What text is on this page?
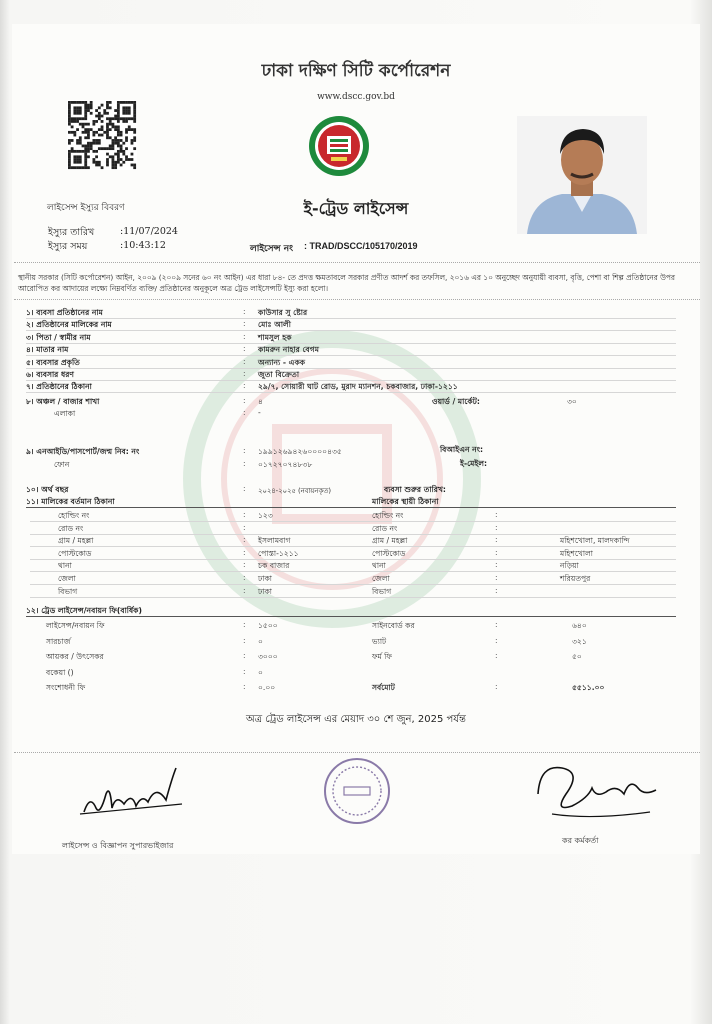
ঢাকা দক্ষিণ সিটি কর্পোরেশন
www.dscc.gov.bd
লাইসেন্স ইস্যুর বিবরণ	ই-ট্রেড লাইসেন্স
ইস্যুর তারিখ	:11/07/2024
ইস্যুর সময়	:10:43:12	লাইসেন্স নং : TRAD/DSCC/105170/2019
স্থানীয় সরকার (সিটি কর্পোরেশন) আইন, ২০০৯ (২০০৯ সনের ৬০ নং আইন) এর ধারা ৮৪- তে প্রদত্ত ক্ষমতাবলে সরকার প্রণীত আদর্শ কর তফসিল, ২০১৬ এর ১০ অনুচ্ছেদ অনুযায়ী ব্যবসা, বৃত্তি, পেশা বা শিল্প প্রতিষ্ঠানের উপর আরোপিত কর আদায়ের লক্ষ্যে নিম্নবর্ণিত ব্যক্তি/ প্রতিষ্ঠানের অনুকূলে অত্র ট্রেড লাইসেন্সটি ইস্যু করা হলো।
১। ব্যবসা প্রতিষ্ঠানের নাম	: কাউসার সু ষ্টোর
২। প্রতিষ্ঠানের মালিকের নাম	: মোঃ আলী
৩। পিতা / স্বামীর নাম	: শামসুল হক
৪। মাতার নাম	: কামরুন নাহার বেগম
৫। ব্যবসার প্রকৃতি	: অন্যান্য - একক
৬। ব্যবসার ধরণ	: জুতা বিক্রেতা
৭। প্রতিষ্ঠানের ঠিকানা	: ২৯/৭, সোয়ারী ঘাট রোড, মুরাদ ম্যানশন, চকবাজার, ঢাকা-১২১১
৮। অঞ্চল / বাজার শাখা	: ৪	ওয়ার্ড / মার্কেট:	৩০
এলাকা	: -
৯। এনআইডি/পাসপোর্ট/জন্ম নিব: নং	: ১৯৯১২৬৯৪২৬০০০০৪৩৫	বিআইএন নং:
ফোন	: ০১৭২৭০৭৪৮৩৮	ই-মেইল:
১০। অর্থ বছর	: ২০২৪-২০২৫ (নবায়নকৃত)	ব্যবসা শুরুর তারিখ:
১১। মালিকের বর্তমান ঠিকানা	মালিকের স্থায়ী ঠিকানা
হোল্ডিং নং	: ১২৩	হোল্ডিং নং	:
রোড নং	:	রোড নং	:
গ্রাম / মহল্লা	: ইসলামবাগ	গ্রাম / মহল্লা	:	মহিশখোলা, মালদকান্দি
পোস্টকোড	: পোস্তা-১২১১	পোস্টকোড	:	মহিশখোলা
থানা	: চক বাজার	থানা	:	নড়িয়া
জেলা	: ঢাকা	জেলা	:	শরিয়তপুর
বিভাগ	: ঢাকা	বিভাগ	:
১২। ট্রেড লাইসেন্স/নবায়ন ফি(বার্ষিক)
লাইসেন্স/নবায়ন ফি	: ১৫০০	সাইনবোর্ড কর	:	৬৪০
সারচার্জ	: ০	ভ্যাট	:	৩২১
আয়কর / উৎসেকর	: ৩০০০	ফর্ম ফি	:	৫০
বকেয়া ()	: ০
সংশোধনী ফি	: ০.০০	সর্বমোট	:	৫৫১১.০০
অত্র ট্রেড লাইসেন্স এর মেয়াদ ৩০ শে জুন, 2025 পর্যন্ত
লাইসেন্স ও বিজ্ঞাপন সুপারভাইজার
কর কর্মকর্তা
